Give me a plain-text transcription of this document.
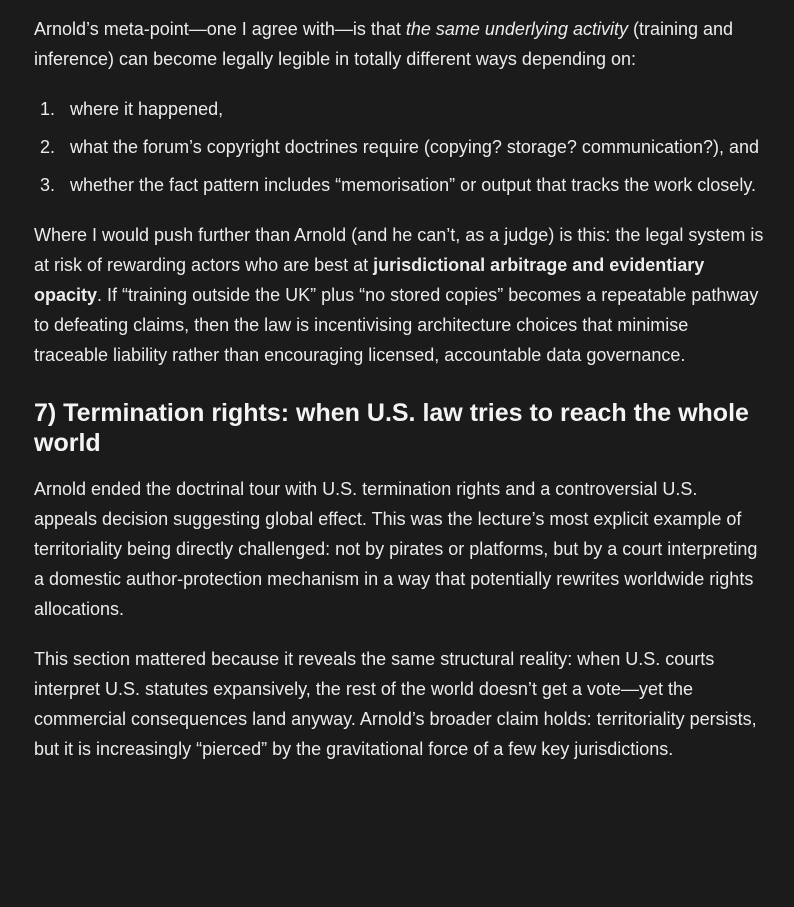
Arnold’s meta-point—one I agree with—is that the same underlying activity (training and inference) can become legally legible in totally different ways depending on:

1. where it happened,
2. what the forum’s copyright doctrines require (copying? storage? communication?), and
3. whether the fact pattern includes “memorisation” or output that tracks the work closely.

Where I would push further than Arnold (and he can’t, as a judge) is this: the legal system is at risk of rewarding actors who are best at jurisdictional arbitrage and evidentiary opacity. If “training outside the UK” plus “no stored copies” becomes a repeatable pathway to defeating claims, then the law is incentivising architecture choices that minimise traceable liability rather than encouraging licensed, accountable data governance.

7) Termination rights: when U.S. law tries to reach the whole world

Arnold ended the doctrinal tour with U.S. termination rights and a controversial U.S. appeals decision suggesting global effect. This was the lecture’s most explicit example of territoriality being directly challenged: not by pirates or platforms, but by a court interpreting a domestic author-protection mechanism in a way that potentially rewrites worldwide rights allocations.

This section mattered because it reveals the same structural reality: when U.S. courts interpret U.S. statutes expansively, the rest of the world doesn’t get a vote—yet the commercial consequences land anyway. Arnold’s broader claim holds: territoriality persists, but it is increasingly “pierced” by the gravitational force of a few key jurisdictions.
